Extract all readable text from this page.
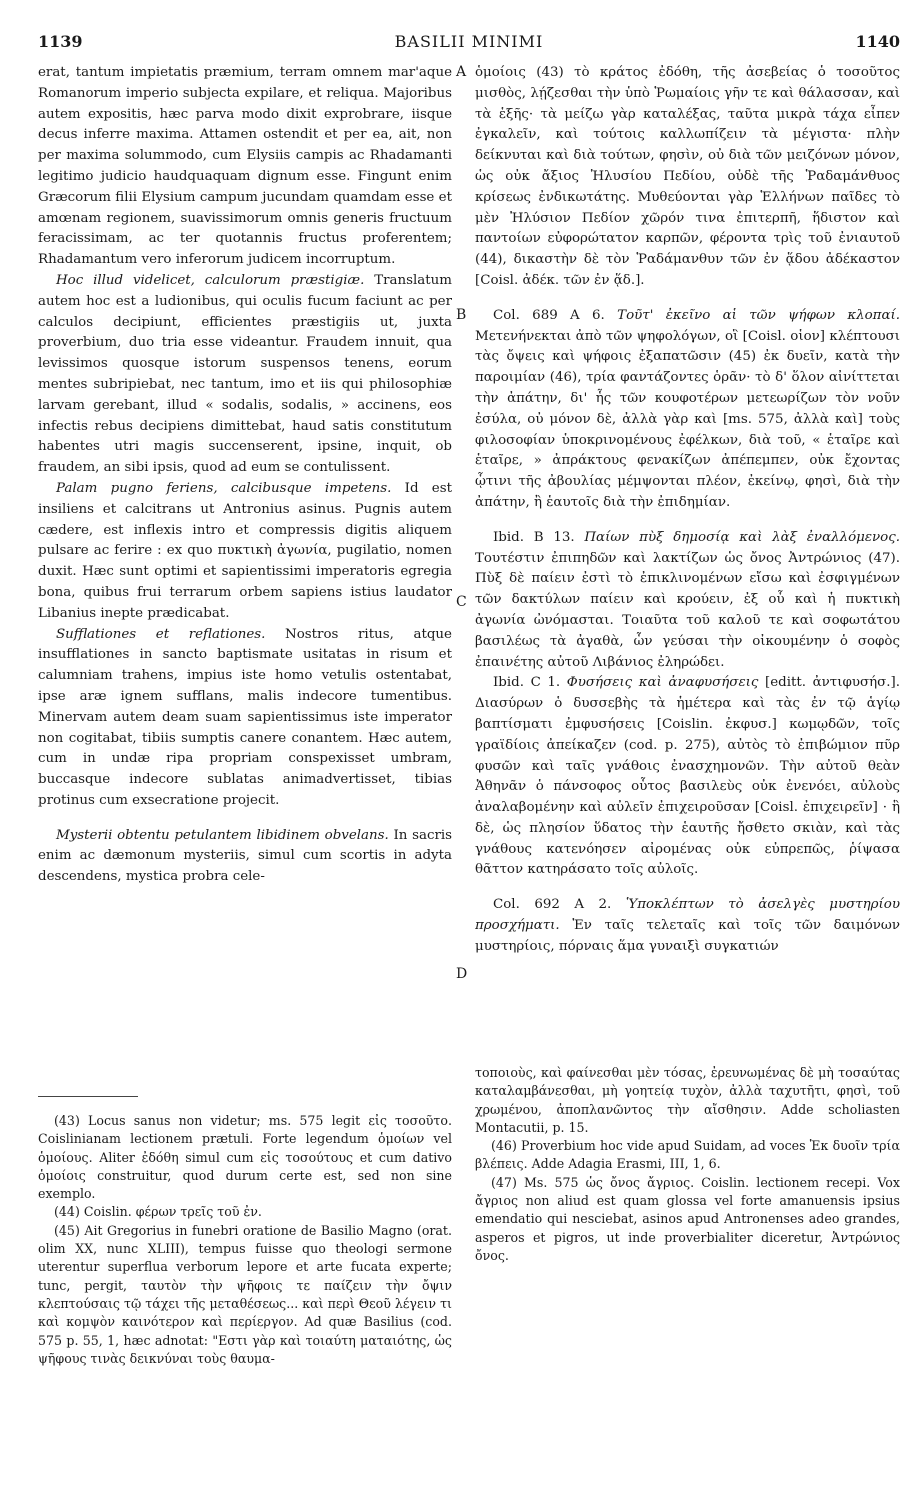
1139	BASILII MINIMI	1140

erat, tantum impietatis præmium, terram omnem mar'aque Romanorum imperio subjecta expilare, et reliqua. Majoribus autem expositis, hæc parva modo dixit exprobrare, iisque decus inferre maxima. Attamen ostendit et per ea, ait, non per maxima solummodo, cum Elysiis campis ac Rhadamanti legitimo judicio haudquaquam dignum esse. Fingunt enim Græcorum filii Elysium campum jucundam quamdam esse et amœnam regionem, suavissimorum omnis generis fructuum feracissimam, ac ter quotannis fructus proferentem; Rhadamantum vero inferorum judicem incorruptum.

Hoc illud videlicet, calculorum præstigiæ. Translatum autem hoc est a ludionibus, qui oculis fucum faciunt ac per calculos decipiunt, efficientes præstigiis ut, juxta proverbium, duo tria esse videantur. Fraudem innuit, qua levissimos quosque istorum suspensos tenens, eorum mentes subripiebat, nec tantum, imo et iis qui philosophiæ larvam gerebant, illud « sodalis, sodalis, » accinens, eos infectis rebus decipiens dimittebat, haud satis constitutum habentes utri magis succenserent, ipsine, inquit, ob fraudem, an sibi ipsis, quod ad eum se contulissent.

Palam pugno feriens, calcibusque impetens. Id est insiliens et calcitrans ut Antronius asinus. Pugnis autem cædere, est inflexis intro et compressis digitis aliquem pulsare ac ferire : ex quo πυκτικὴ ἀγωνία, pugilatio, nomen duxit. Hæc sunt optimi et sapientissimi imperatoris egregia bona, quibus frui terrarum orbem sapiens istius laudator Libanius inepte prædicabat.

Sufflationes et reflationes. Nostros ritus, atque insufflationes in sancto baptismate usitatas in risum et calumniam trahens, impius iste homo vetulis ostentabat, ipse aræ ignem sufflans, malis indecore tumentibus. Minervam autem deam suam sapientissimus iste imperator non cogitabat, tibiis sumptis canere conantem. Hæc autem, cum in undæ ripa propriam conspexisset umbram, buccasque indecore sublatas animadvertisset, tibias protinus cum exsecratione projecit.

Mysterii obtentu petulantem libidinem obvelans. In sacris enim ac dæmonum mysteriis, simul cum scortis in adyta descendens, mystica probra cele-

A
B
C
D

ὁμοίοις (43) τὸ κράτος ἐδόθη, τῆς ἀσεβείας ὁ τοσοῦτος μισθὸς, λῄζεσθαι τὴν ὑπὸ Ῥωμαίοις γῆν τε καὶ θάλασσαν, καὶ τὰ ἑξῆς· τὰ μείζω γὰρ καταλέξας, ταῦτα μικρὰ τάχα εἶπεν ἐγκαλεῖν, καὶ τούτοις καλλωπίζειν τὰ μέγιστα· πλὴν δείκνυται καὶ διὰ τούτων, φησὶν, οὐ διὰ τῶν μειζόνων μόνον, ὡς οὐκ ἄξιος Ἠλυσίου Πεδίου, οὐδὲ τῆς Ῥαδαμάνθυος κρίσεως ἐνδικωτάτης. Μυθεύονται γὰρ Ἑλλήνων παῖδες τὸ μὲν Ἠλύσιον Πεδίον χῶρόν τινα ἐπιτερπῆ, ἥδιστον καὶ παντοίων εὐφορώτατον καρπῶν, φέροντα τρὶς τοῦ ἐνιαυτοῦ (44), δικαστὴν δὲ τὸν Ῥαδάμανθυν τῶν ἐν ᾅδου ἀδέκαστον [Coisl. ἀδέκ. τῶν ἐν ᾅδ.].

Col. 689 A 6. Τοῦτ' ἐκεῖνο αἱ τῶν ψήφων κλοπαί. Μετενήνεκται ἀπὸ τῶν ψηφολόγων, οἳ [Coisl. οἱον] κλέπτουσι τὰς ὄψεις καὶ ψήφοις ἐξαπατῶσιν (45) ἐκ δυεῖν, κατὰ τὴν παροιμίαν (46), τρία φαντάζοντες ὁρᾶν· τὸ δ' ὅλον αἰνίττεται τὴν ἀπάτην, δι' ἧς τῶν κουφοτέρων μετεωρίζων τὸν νοῦν ἐσύλα, οὐ μόνον δὲ, ἀλλὰ γὰρ καὶ [ms. 575, ἀλλὰ καὶ] τοὺς φιλοσοφίαν ὑποκρινομένους ἐφέλκων, διὰ τοῦ, « ἑταῖρε καὶ ἑταῖρε, » ἀπράκτους φενακίζων ἀπέπεμπεν, οὐκ ἔχοντας ᾧτινι τῆς ἀβουλίας μέμψονται πλέον, ἐκείνῳ, φησὶ, διὰ τὴν ἀπάτην, ἢ ἑαυτοῖς διὰ τὴν ἐπιδημίαν.

Ibid. B 13. Παίων πὺξ δημοσίᾳ καὶ λὰξ ἐναλλόμενος. Τουτέστιν ἐπιπηδῶν καὶ λακτίζων ὡς ὄνος Ἀντρώνιος (47). Πὺξ δὲ παίειν ἐστὶ τὸ ἐπικλινομένων εἴσω καὶ ἐσφιγμένων τῶν δακτύλων παίειν καὶ κρούειν, ἐξ οὗ καὶ ἡ πυκτικὴ ἀγωνία ὠνόμασται. Τοιαῦτα τοῦ καλοῦ τε καὶ σοφωτάτου βασιλέως τὰ ἀγαθὰ, ὧν γεύσαι τὴν οἰκουμένην ὁ σοφὸς ἐπαινέτης αὐτοῦ Λιβάνιος ἐληρώδει.

Ibid. C 1. Φυσήσεις καὶ ἀναφυσήσεις [editt. ἀντιφυσήσ.]. Διασύρων ὁ δυσσεβὴς τὰ ἡμέτερα καὶ τὰς ἐν τῷ ἁγίῳ βαπτίσματι ἐμφυσήσεις [Coislin. ἐκφυσ.] κωμῳδῶν, τοῖς γραϊδίοις ἀπείκαζεν (cod. p. 275), αὐτὸς τὸ ἐπιβώμιον πῦρ φυσῶν καὶ ταῖς γνάθοις ἐνασχημονῶν. Τὴν αὐτοῦ θεὰν Ἀθηνᾶν ὁ πάνσοφος οὗτος βασιλεὺς οὐκ ἐνενόει, αὐλοὺς ἀναλαβομένην καὶ αὐλεῖν ἐπιχειροῦσαν [Coisl. ἐπιχειρεῖν] · ἣ δὲ, ὡς πλησίον ὕδατος τὴν ἑαυτῆς ἤσθετο σκιὰν, καὶ τὰς γνάθους κατενόησεν αἰρομένας οὐκ εὐπρεπῶς, ῥίψασα θᾶττον κατηράσατο τοῖς αὐλοῖς.

Col. 692 A 2. Ὑποκλέπτων τὸ ἀσελγὲς μυστηρίου προσχήματι. Ἐν ταῖς τελεταῖς καὶ τοῖς τῶν δαιμόνων μυστηρίοις, πόρναις ἅμα γυναιξὶ συγκατιών

(43) Locus sanus non videtur; ms. 575 legit εἰς τοσοῦτο. Coislinianam lectionem prætuli. Forte legendum ὁμοίων vel ὁμοίους. Aliter ἐδόθη simul cum εἰς τοσούτους et cum dativo ὁμοίοις construitur, quod durum certe est, sed non sine exemplo.

(44) Coislin. φέρων τρεῖς τοῦ ἐν.

(45) Ait Gregorius in funebri oratione de Basilio Magno (orat. olim XX, nunc XLIII), tempus fuisse quo theologi sermone uterentur superflua verborum lepore et arte fucata experte; tunc, pergit, ταυτὸν τὴν ψῆφοις τε παίζειν τὴν ὄψιν κλεπτούσαις τῷ τάχει τῆς μεταθέσεως... καὶ περὶ Θεοῦ λέγειν τι καὶ κομψὸν καινότερον καὶ περίεργον. Ad quæ Basilius (cod. 575 p. 55, 1, hæc adnotat: "Εστι γὰρ καὶ τοιαύτη ματαιότης, ὡς ψῆφους τινὰς δεικνύναι τοὺς θαυμα-

τοποιοὺς, καὶ φαίνεσθαι μὲν τόσας, ἐρευνωμένας δὲ μὴ τοσαύτας καταλαμβάνεσθαι, μὴ γοητείᾳ τυχὸν, ἀλλὰ ταχυτῆτι, φησὶ, τοῦ χρωμένου, ἀποπλανῶντος τὴν αἴσθησιν. Adde scholiasten Montacutii, p. 15.

(46) Proverbium hoc vide apud Suidam, ad voces Ἐκ δυοῖν τρία βλέπεις. Adde Adagia Erasmi, III, 1, 6.

(47) Ms. 575 ὡς ὄνος ἄγριος. Coislin. lectionem recepi. Vox ἄγριος non aliud est quam glossa vel forte amanuensis ipsius emendatio qui nesciebat, asinos apud Antronenses adeo grandes, asperos et pigros, ut inde proverbialiter diceretur, Ἀντρώνιος ὄνος.
